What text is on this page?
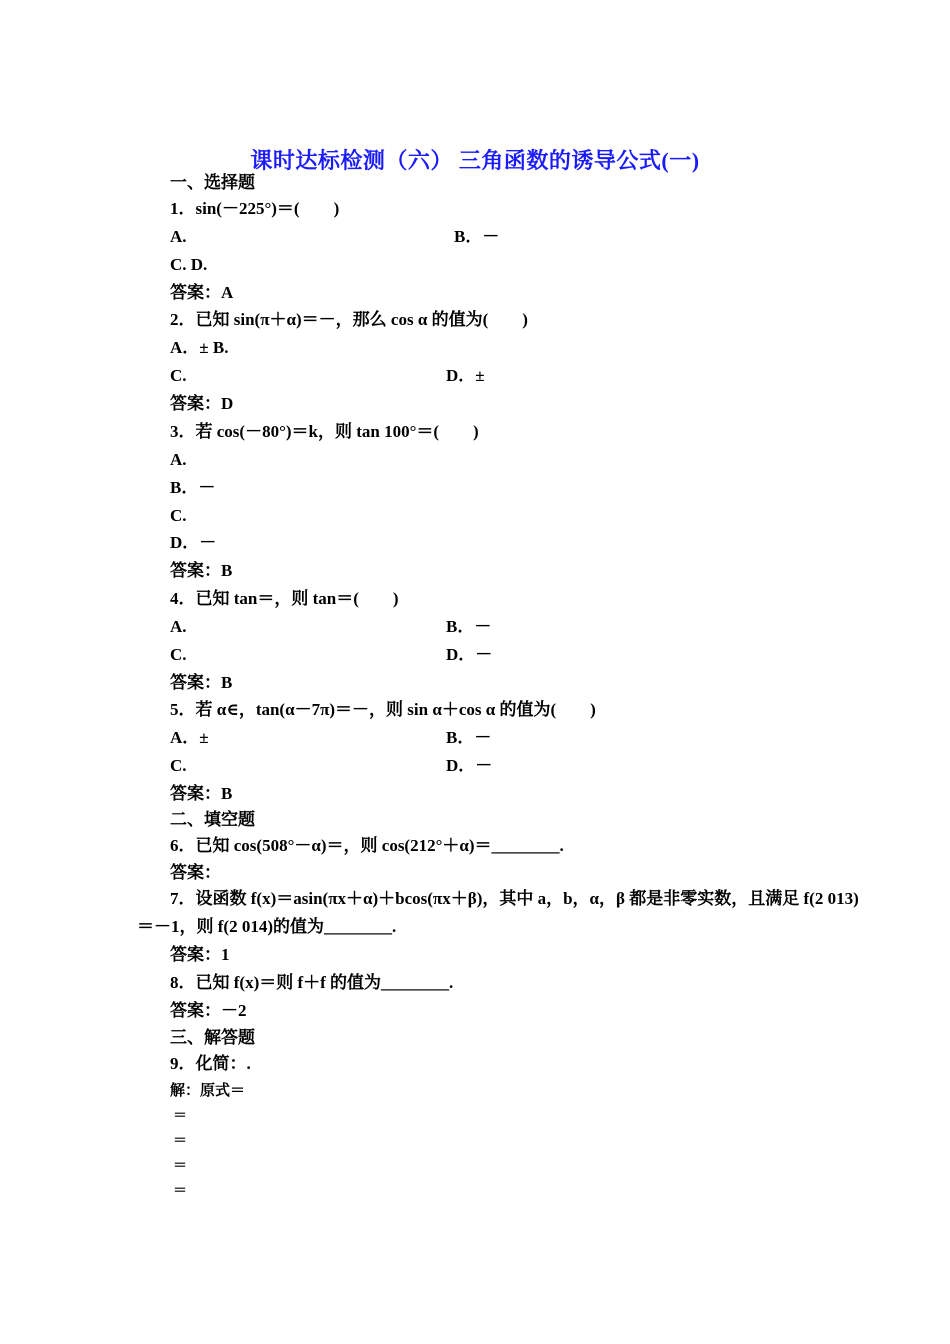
课时达标检测（六） 三角函数的诱导公式(一)
一、选择题
1．sin(－225°)＝(　　)
A.	B．－
C. D.
答案：A
2．已知 sin(π＋α)＝－，那么 cos α 的值为(　　)
A．± B.
C.	D．±
答案：D
3．若 cos(－80°)＝k，则 tan 100°＝(　　)
A.
B．－
C.
D．－
答案：B
4．已知 tan＝，则 tan＝(　　)
A.	B．－
C.	D．－
答案：B
5．若 α∈，tan(α－7π)＝－，则 sin α＋cos α 的值为(　　)
A．±	B．－
C.	D．－
答案：B
二、填空题
6．已知 cos(508°－α)＝，则 cos(212°＋α)＝________.
答案：
7．设函数 f(x)＝asin(πx＋α)＋bcos(πx＋β)，其中 a，b，α，β 都是非零实数，且满足 f(2 013)
＝－1，则 f(2 014)的值为________.
答案：1
8．已知 f(x)＝则 f＋f 的值为________.
答案：－2
三、解答题
9．化简：.
解：原式＝
＝
＝
＝
＝
